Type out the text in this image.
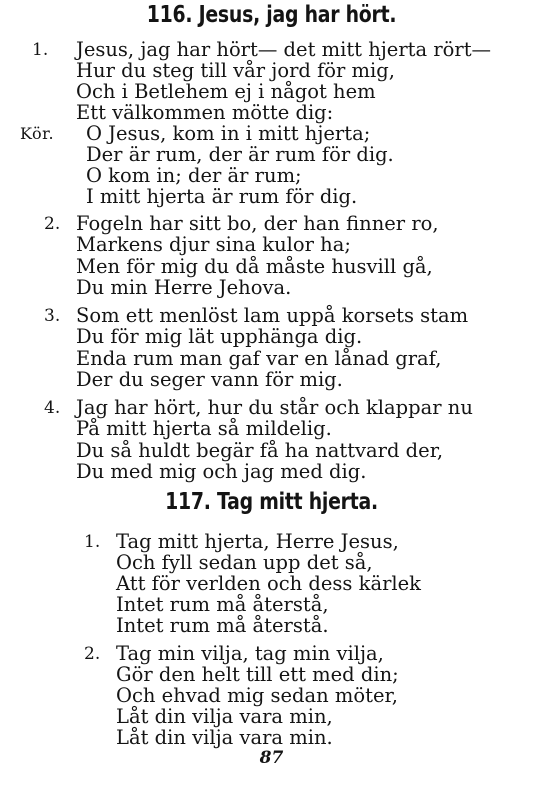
116. Jesus, jag har hört.
1. Jesus, jag har hört— det mitt hjerta rört—

Hur du steg till vår jord för mig,

Och i Betlehem ej i något hem

Ett välkommen mötte dig:

Kör. O Jesus, kom in i mitt hjerta;

Der är rum, der är rum för dig.

O kom in; der är rum;

I mitt hjerta är rum för dig.

2. Fogeln har sitt bo, der han finner ro,

Markens djur sina kulor ha;

Men för mig du då måste husvill gå,

Du min Herre Jehova.

3. Som ett menlöst lam uppå korsets stam

Du för mig lät upphänga dig.

Enda rum man gaf var en lånad graf,

Der du seger vann för mig.

4. Jag har hört, hur du står och klappar nu

På mitt hjerta så mildelig.

Du så huldt begär få ha nattvard der,

Du med mig och jag med dig.

117. Tag mitt hjerta.
1. Tag mitt hjerta, Herre Jesus,

Och fyll sedan upp det så,

Att för verlden och dess kärlek

Intet rum må återstå,

Intet rum må återstå.

2. Tag min vilja, tag min vilja,

Gör den helt till ett med din;

Och ehvad mig sedan möter,

Låt din vilja vara min,

Låt din vilja vara min.

87
